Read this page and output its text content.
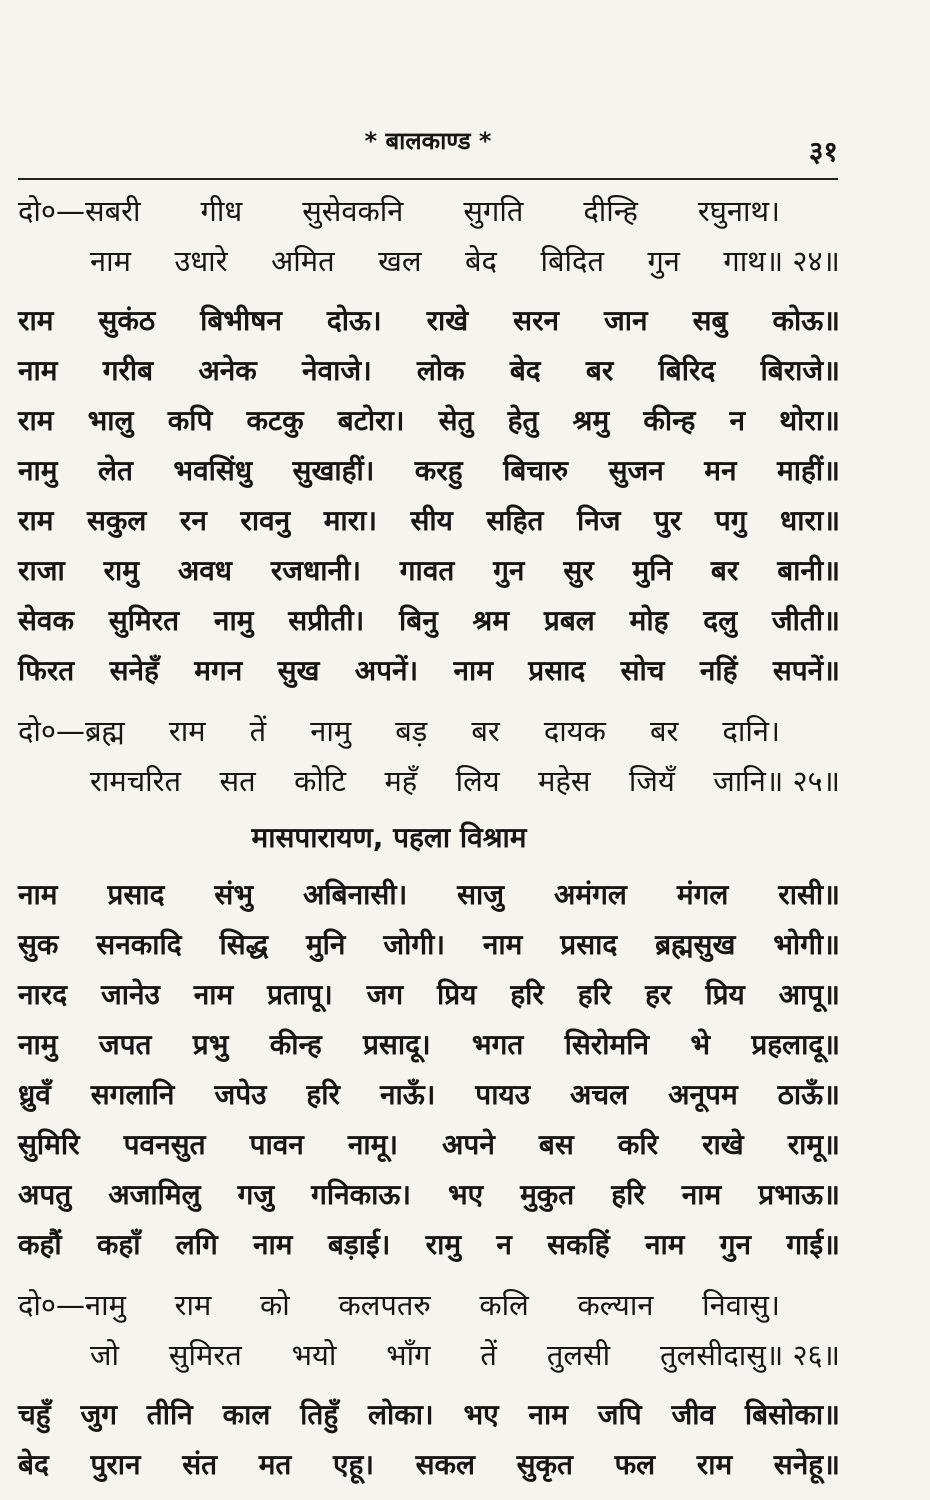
* बालकाण्ड *	३१
दो०—सबरी गीध सुसेवकनि सुगति दीन्हि रघुनाथ।
नाम उधारे अमित खल बेद बिदित गुन गाथ॥ २४॥
राम सुकंठ बिभीषन दोऊ। राखे सरन जान सबु कोऊ॥
नाम गरीब अनेक नेवाजे। लोक बेद बर बिरिद बिराजे॥
राम भालु कपि कटकु बटोरा। सेतु हेतु श्रमु कीन्ह न थोरा॥
नामु लेत भवसिंधु सुखाहीं। करहु बिचारु सुजन मन माहीं॥
राम सकुल रन रावनु मारा। सीय सहित निज पुर पगु धारा॥
राजा रामु अवध रजधानी। गावत गुन सुर मुनि बर बानी॥
सेवक सुमिरत नामु सप्रीती। बिनु श्रम प्रबल मोह दलु जीती॥
फिरत सनेहँ मगन सुख अपनें। नाम प्रसाद सोच नहिं सपनें॥
दो०—ब्रह्म राम तें नामु बड़ बर दायक बर दानि।
रामचरित सत कोटि महँ लिय महेस जियँ जानि॥ २५॥
मासपारायण, पहला विश्राम
नाम प्रसाद संभु अबिनासी। साजु अमंगल मंगल रासी॥
सुक सनकादि सिद्ध मुनि जोगी। नाम प्रसाद ब्रह्मसुख भोगी॥
नारद जानेउ नाम प्रतापू। जग प्रिय हरि हरि हर प्रिय आपू॥
नामु जपत प्रभु कीन्ह प्रसादू। भगत सिरोमनि भे प्रहलादू॥
ध्रुवँ सगलानि जपेउ हरि नाऊँ। पायउ अचल अनूपम ठाऊँ॥
सुमिरि पवनसुत पावन नामू। अपने बस करि राखे रामू॥
अपतु अजामिलु गजु गनिकाऊ। भए मुकुत हरि नाम प्रभाऊ॥
कहौं कहाँ लगि नाम बड़ाई। रामु न सकहिं नाम गुन गाई॥
दो०—नामु राम को कलपतरु कलि कल्यान निवासु।
जो सुमिरत भयो भाँग तें तुलसी तुलसीदासु॥ २६॥
चहुँ जुग तीनि काल तिहुँ लोका। भए नाम जपि जीव बिसोका॥
बेद पुरान संत मत एहू। सकल सुकृत फल राम सनेहू॥
